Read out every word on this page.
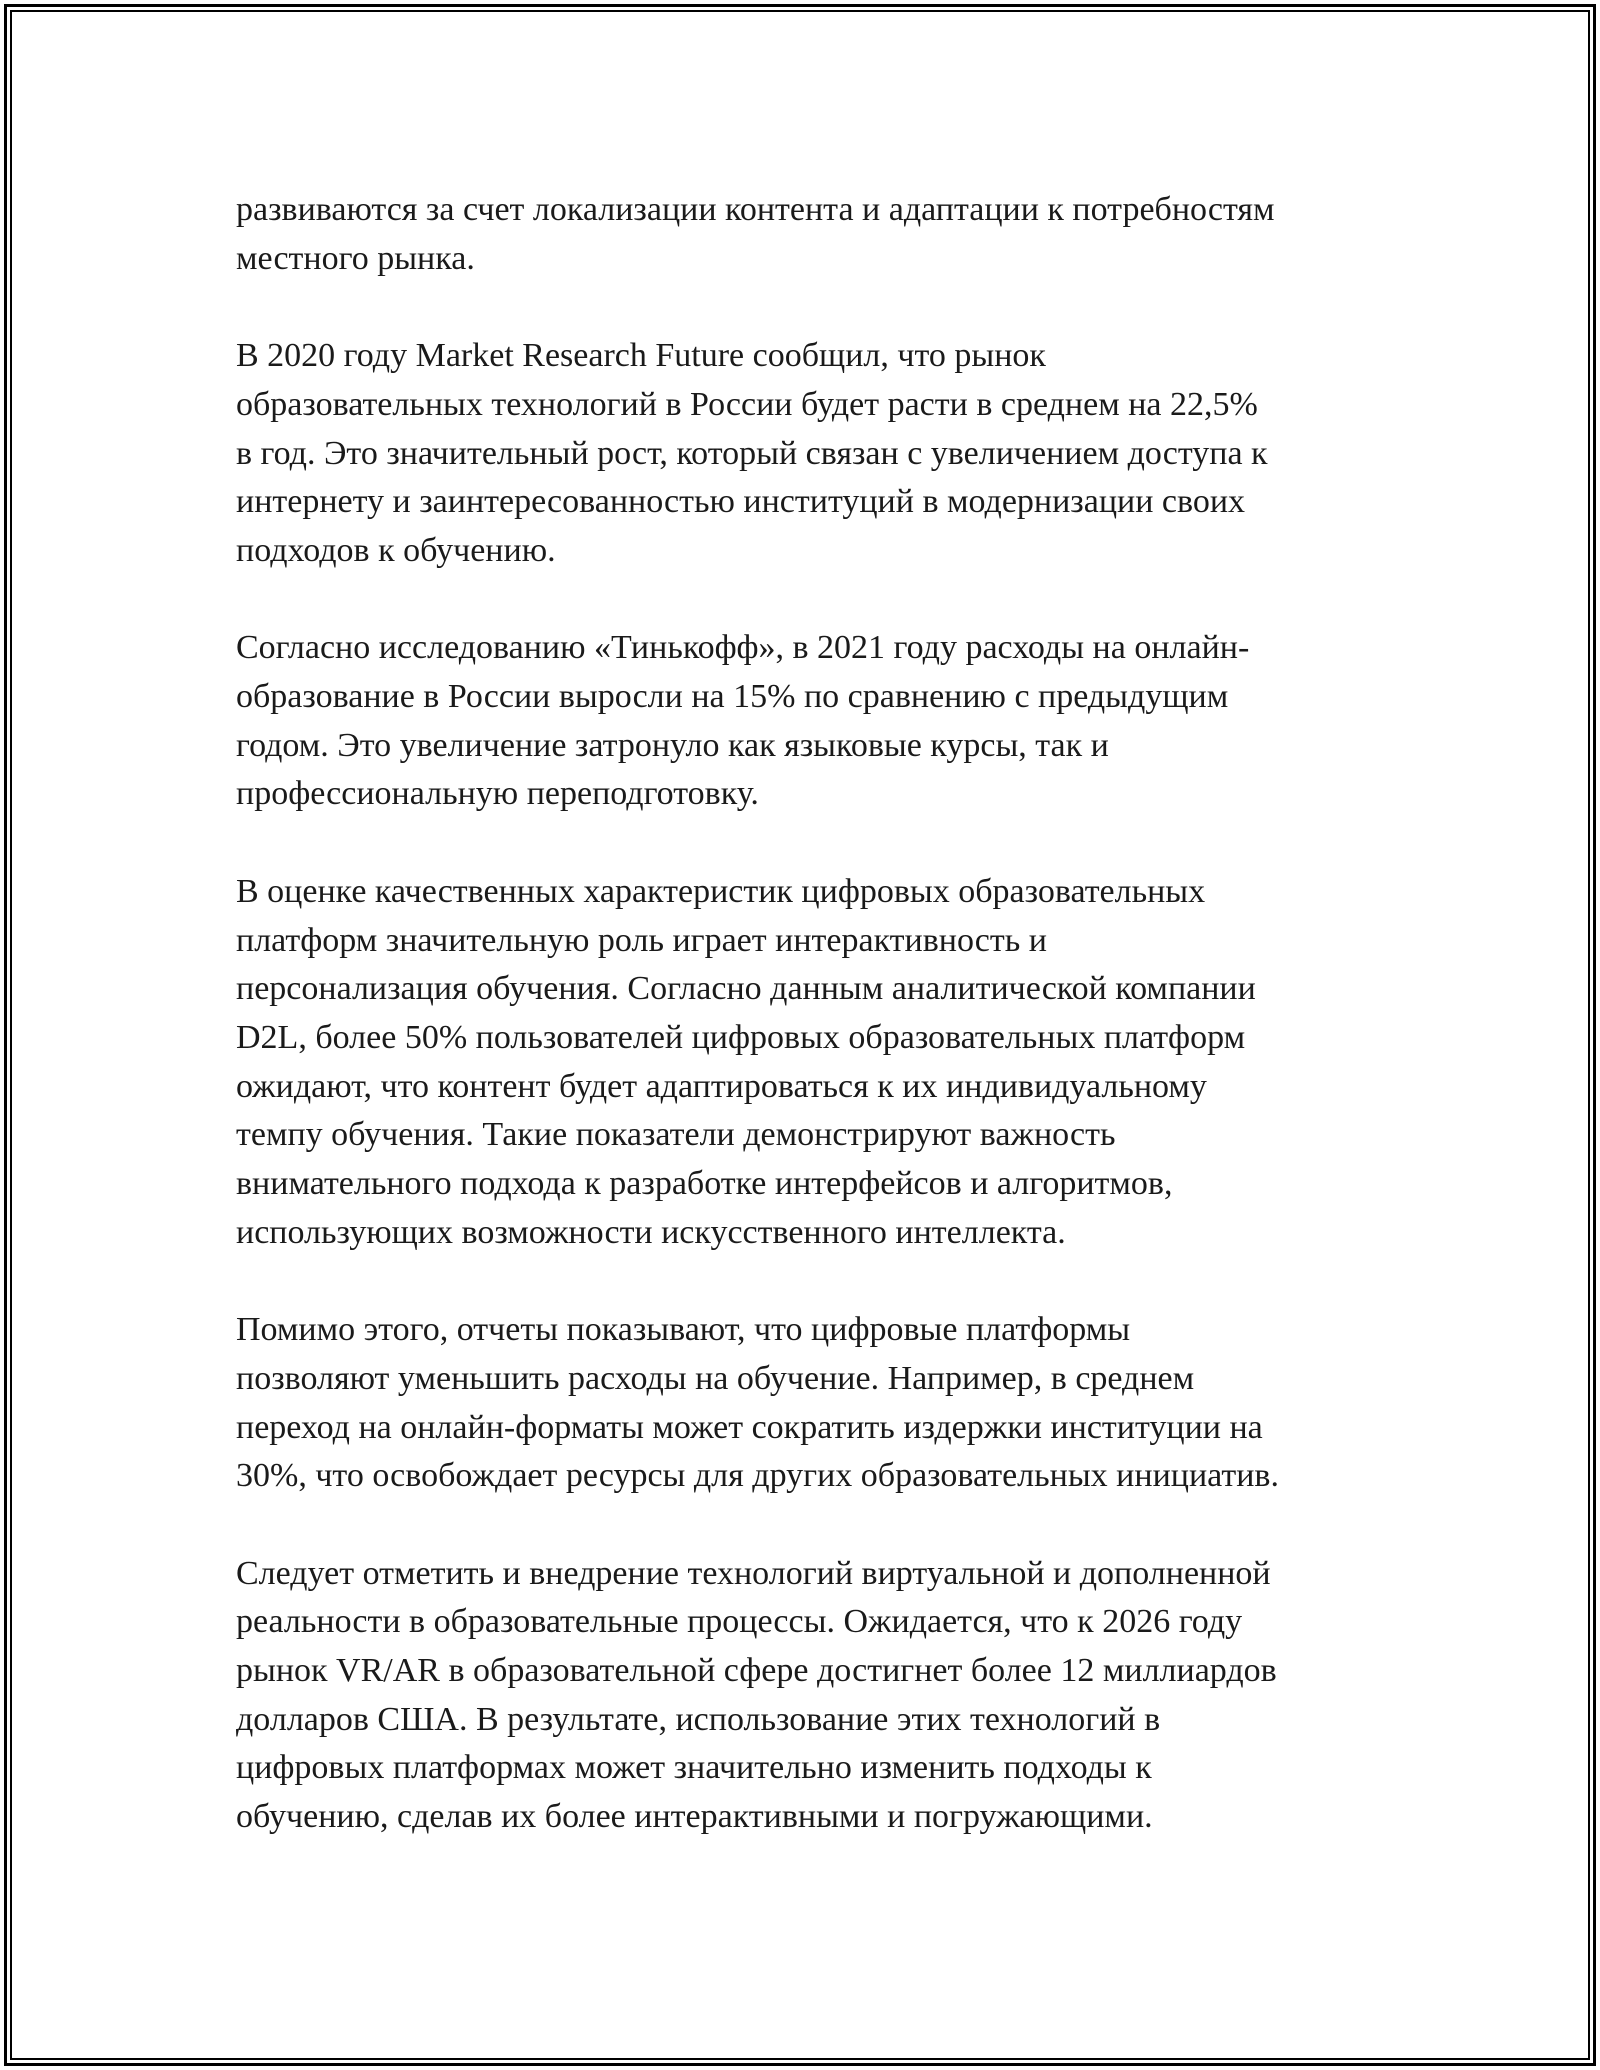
развиваются за счет локализации контента и адаптации к потребностям
местного рынка.

В 2020 году Market Research Future сообщил, что рынок
образовательных технологий в России будет расти в среднем на 22,5%
в год. Это значительный рост, который связан с увеличением доступа к
интернету и заинтересованностью институций в модернизации своих
подходов к обучению.

Согласно исследованию «Тинькофф», в 2021 году расходы на онлайн-
образование в России выросли на 15% по сравнению с предыдущим
годом. Это увеличение затронуло как языковые курсы, так и
профессиональную переподготовку.

В оценке качественных характеристик цифровых образовательных
платформ значительную роль играет интерактивность и
персонализация обучения. Согласно данным аналитической компании
D2L, более 50% пользователей цифровых образовательных платформ
ожидают, что контент будет адаптироваться к их индивидуальному
темпу обучения. Такие показатели демонстрируют важность
внимательного подхода к разработке интерфейсов и алгоритмов,
использующих возможности искусственного интеллекта.

Помимо этого, отчеты показывают, что цифровые платформы
позволяют уменьшить расходы на обучение. Например, в среднем
переход на онлайн-форматы может сократить издержки институции на
30%, что освобождает ресурсы для других образовательных инициатив.

Следует отметить и внедрение технологий виртуальной и дополненной
реальности в образовательные процессы. Ожидается, что к 2026 году
рынок VR/AR в образовательной сфере достигнет более 12 миллиардов
долларов США. В результате, использование этих технологий в
цифровых платформах может значительно изменить подходы к
обучению, сделав их более интерактивными и погружающими.
